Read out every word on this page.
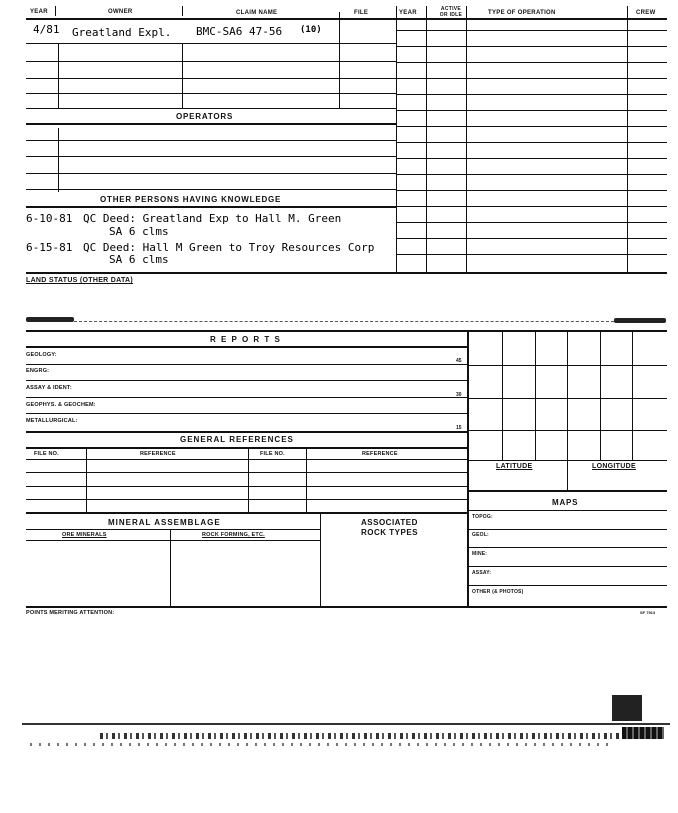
YEAR	OWNER	CLAIM NAME	FILE	YEAR
ACTIVE
OR IDLE	TYPE OF OPERATION	CREW
4/81 Greatland Expl. BMC-SA6 47-56 (10)
OPERATORS
OTHER PERSONS HAVING KNOWLEDGE
6-10-81 QC Deed: Greatland Exp to Hall M. Green
SA 6 clms
6-15-81 QC Deed: Hall M Green to Troy Resources Corp
SA 6 clms
LAND STATUS (OTHER DATA)
R E P O R T S
GEOLOGY:
45
ENGRG:
ASSAY & IDENT:
30
GEOPHYS. & GEOCHEM:
METALLURGICAL:
15
GENERAL REFERENCES
FILE NO.	REFERENCE	FILE NO.	REFERENCE
LATITUDE	LONGITUDE
MAPS
TOPOG:
GEOL:
MINE:
ASSAY:
OTHER (& PHOTOS)
MINERAL ASSEMBLAGE
ORE MINERALS	ROCK FORMING, ETC.
ASSOCIATED
ROCK TYPES
POINTS MERITING ATTENTION:	SF 7913
